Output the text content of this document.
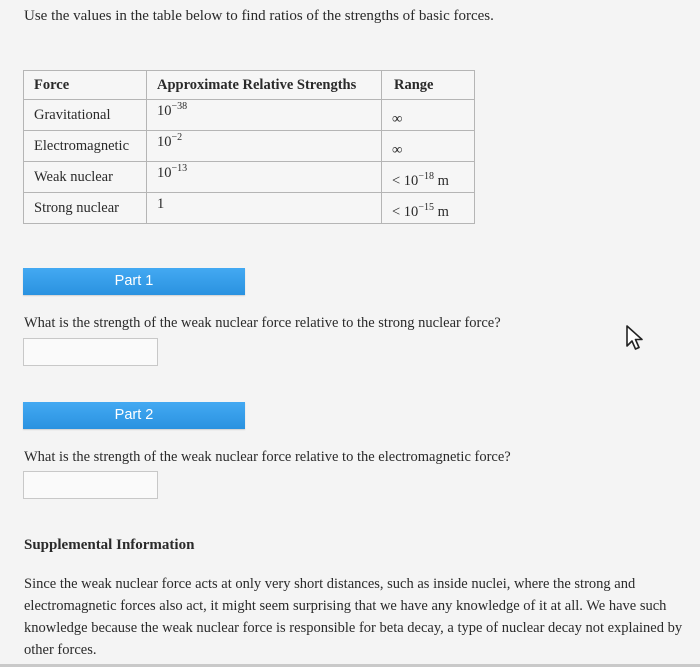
Use the values in the table below to find ratios of the strengths of basic forces.

Force	Approximate Relative Strengths	Range
Gravitational	$10^{-38}$	∞
Electromagnetic	$10^{-2}$	∞
Weak nuclear	$10^{-13}$	< $10^{-18}$ m
Strong nuclear	1	< $10^{-15}$ m
Part 1

What is the strength of the weak nuclear force relative to the strong nuclear force?

Part 2

What is the strength of the weak nuclear force relative to the electromagnetic force?

Supplemental Information

Since the weak nuclear force acts at only very short distances, such as inside nuclei, where the strong and electromagnetic forces also act, it might seem surprising that we have any knowledge of it at all. We have such knowledge because the weak nuclear force is responsible for beta decay, a type of nuclear decay not explained by other forces.
